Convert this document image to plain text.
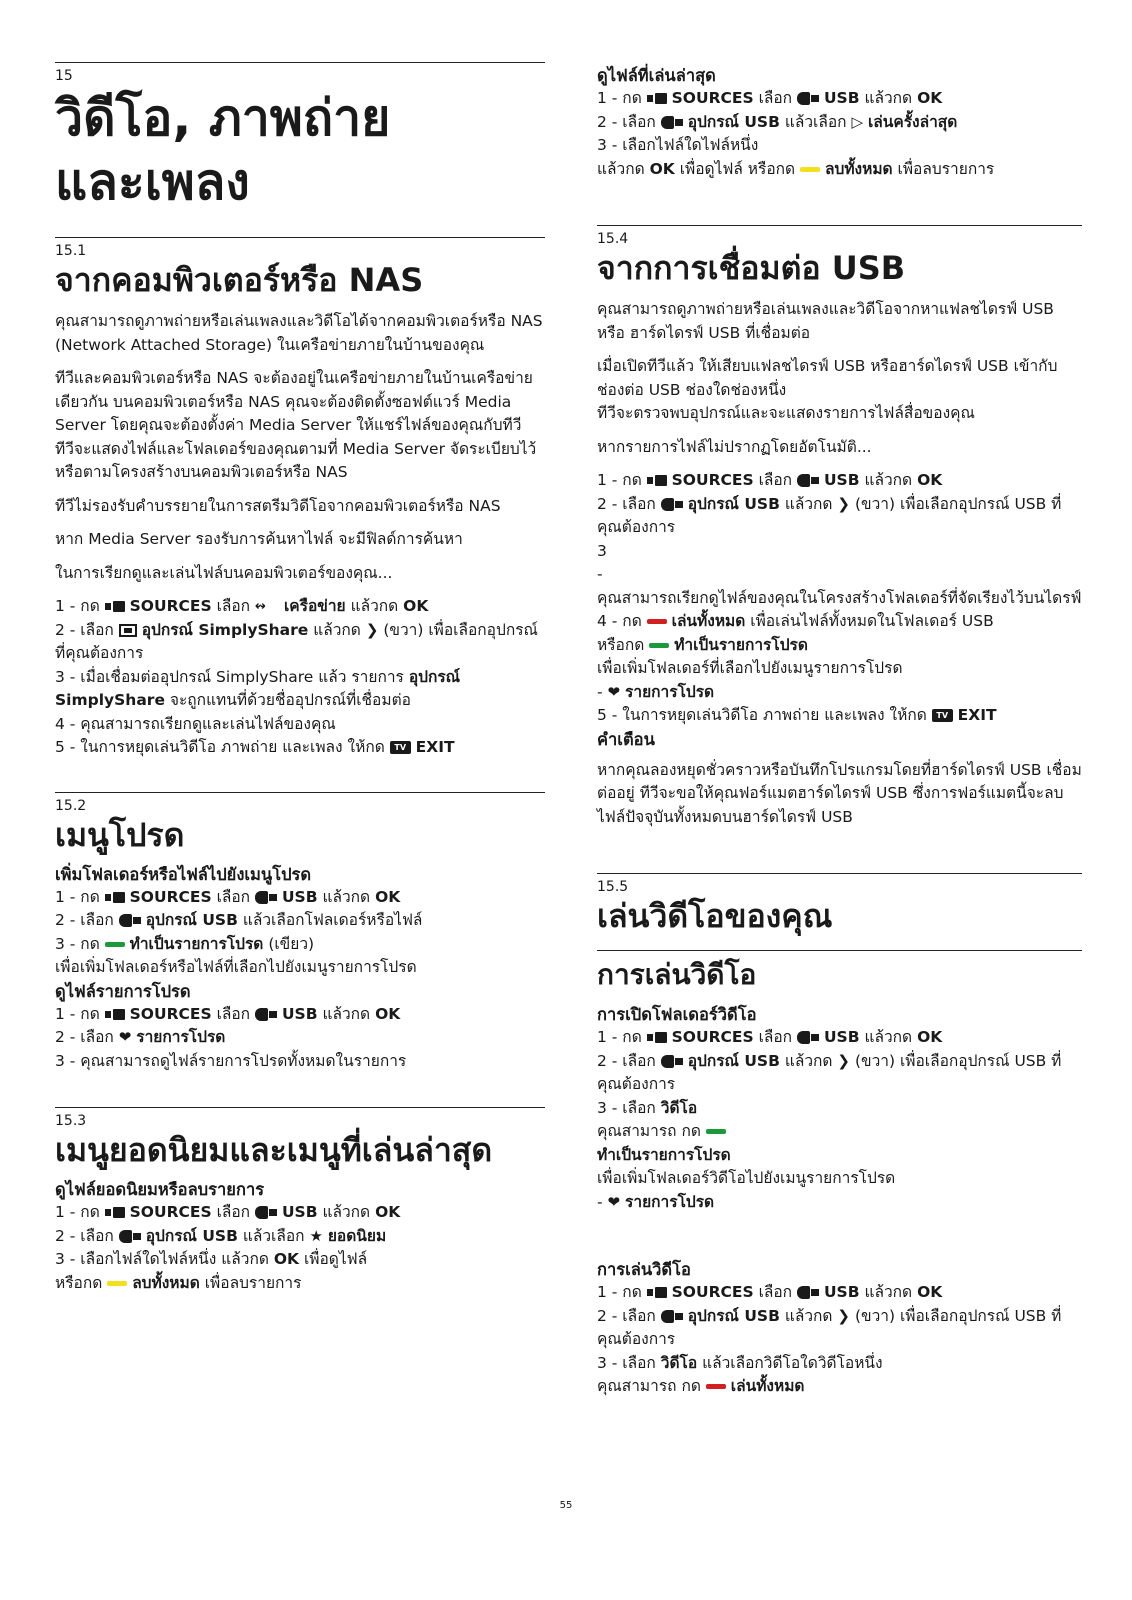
15
วิดีโอ, ภาพถ่าย
และเพลง
15.1
จากคอมพิวเตอร์หรือ NAS
คุณสามารถดูภาพถ่ายหรือเล่นเพลงและวิดีโอได้จากคอมพิวเตอร์หรือ NAS (Network Attached Storage) ในเครือข่ายภายในบ้านของคุณ
ทีวีและคอมพิวเตอร์หรือ NAS จะต้องอยู่ในเครือข่ายภายในบ้านเครือข่ายเดียวกัน บนคอมพิวเตอร์หรือ NAS คุณจะต้องติดตั้งซอฟต์แวร์ Media Server โดยคุณจะต้องตั้งค่า Media Server ให้แชร์ไฟล์ของคุณกับทีวี ทีวีจะแสดงไฟล์และโฟลเดอร์ของคุณตามที่ Media Server จัดระเบียบไว้หรือตามโครงสร้างบนคอมพิวเตอร์หรือ NAS
ทีวีไม่รองรับคำบรรยายในการสตรีมวิดีโอจากคอมพิวเตอร์หรือ NAS
หาก Media Server รองรับการค้นหาไฟล์ จะมีฟิลด์การค้นหา
ในการเรียกดูและเล่นไฟล์บนคอมพิวเตอร์ของคุณ...
1 - กด SOURCES เลือก ↭ เครือข่าย แล้วกด OK
2 - เลือก อุปกรณ์ SimplyShare แล้วกด ❯ (ขวา) เพื่อเลือกอุปกรณ์ที่คุณต้องการ
3 - เมื่อเชื่อมต่ออุปกรณ์ SimplyShare แล้ว รายการ อุปกรณ์ SimplyShare จะถูกแทนที่ด้วยชื่ออุปกรณ์ที่เชื่อมต่อ
4 - คุณสามารถเรียกดูและเล่นไฟล์ของคุณ
5 - ในการหยุดเล่นวิดีโอ ภาพถ่าย และเพลง ให้กด TV EXIT
15.2
เมนูโปรด
เพิ่มโฟลเดอร์หรือไฟล์ไปยังเมนูโปรด
1 - กด SOURCES เลือก USB แล้วกด OK
2 - เลือก อุปกรณ์ USB แล้วเลือกโฟลเดอร์หรือไฟล์
3 - กด ทำเป็นรายการโปรด (เขียว)
เพื่อเพิ่มโฟลเดอร์หรือไฟล์ที่เลือกไปยังเมนูรายการโปรด
ดูไฟล์รายการโปรด
1 - กด SOURCES เลือก USB แล้วกด OK
2 - เลือก ❤ รายการโปรด
3 - คุณสามารถดูไฟล์รายการโปรดทั้งหมดในรายการ
15.3
เมนูยอดนิยมและเมนูที่เล่นล่าสุด
ดูไฟล์ยอดนิยมหรือลบรายการ
1 - กด SOURCES เลือก USB แล้วกด OK
2 - เลือก อุปกรณ์ USB แล้วเลือก ★ ยอดนิยม
3 - เลือกไฟล์ใดไฟล์หนึ่ง แล้วกด OK เพื่อดูไฟล์
หรือกด ลบทั้งหมด เพื่อลบรายการ
ดูไฟล์ที่เล่นล่าสุด
1 - กด SOURCES เลือก USB แล้วกด OK
2 - เลือก อุปกรณ์ USB แล้วเลือก ▷ เล่นครั้งล่าสุด
3 - เลือกไฟล์ใดไฟล์หนึ่ง
แล้วกด OK เพื่อดูไฟล์ หรือกด ลบทั้งหมด เพื่อลบรายการ
15.4
จากการเชื่อมต่อ USB
คุณสามารถดูภาพถ่ายหรือเล่นเพลงและวิดีโอจากหาแฟลชไดรฟ์ USB หรือ ฮาร์ดไดรฟ์ USB ที่เชื่อมต่อ
เมื่อเปิดทีวีแล้ว ให้เสียบแฟลชไดรฟ์ USB หรือฮาร์ดไดรฟ์ USB เข้ากับช่องต่อ USB ช่องใดช่องหนึ่ง
ทีวีจะตรวจพบอุปกรณ์และจะแสดงรายการไฟล์สื่อของคุณ
หากรายการไฟล์ไม่ปรากฏโดยอัตโนมัติ...
1 - กด SOURCES เลือก USB แล้วกด OK
2 - เลือก อุปกรณ์ USB แล้วกด ❯ (ขวา) เพื่อเลือกอุปกรณ์ USB ที่คุณต้องการ
3
-
คุณสามารถเรียกดูไฟล์ของคุณในโครงสร้างโฟลเดอร์ที่จัดเรียงไว้บนไดรฟ์
4 - กด เล่นทั้งหมด เพื่อเล่นไฟล์ทั้งหมดในโฟลเดอร์ USB
หรือกด ทำเป็นรายการโปรด
เพื่อเพิ่มโฟลเดอร์ที่เลือกไปยังเมนูรายการโปรด
- ❤ รายการโปรด
5 - ในการหยุดเล่นวิดีโอ ภาพถ่าย และเพลง ให้กด TV EXIT
คำเตือน
หากคุณลองหยุดชั่วคราวหรือบันทึกโปรแกรมโดยที่ฮาร์ดไดรฟ์ USB เชื่อมต่ออยู่ ทีวีจะขอให้คุณฟอร์แมตฮาร์ดไดรฟ์ USB ซึ่งการฟอร์แมตนี้จะลบไฟล์ปัจจุบันทั้งหมดบนฮาร์ดไดรฟ์ USB
15.5
เล่นวิดีโอของคุณ
การเล่นวิดีโอ
การเปิดโฟลเดอร์วิดีโอ
1 - กด SOURCES เลือก USB แล้วกด OK
2 - เลือก อุปกรณ์ USB แล้วกด ❯ (ขวา) เพื่อเลือกอุปกรณ์ USB ที่คุณต้องการ
3 - เลือก วิดีโอ
คุณสามารถ กด
ทำเป็นรายการโปรด
เพื่อเพิ่มโฟลเดอร์วิดีโอไปยังเมนูรายการโปรด
- ❤ รายการโปรด
การเล่นวิดีโอ
1 - กด SOURCES เลือก USB แล้วกด OK
2 - เลือก อุปกรณ์ USB แล้วกด ❯ (ขวา) เพื่อเลือกอุปกรณ์ USB ที่คุณต้องการ
3 - เลือก วิดีโอ แล้วเลือกวิดีโอใดวิดีโอหนึ่ง
คุณสามารถ กด เล่นทั้งหมด
55
